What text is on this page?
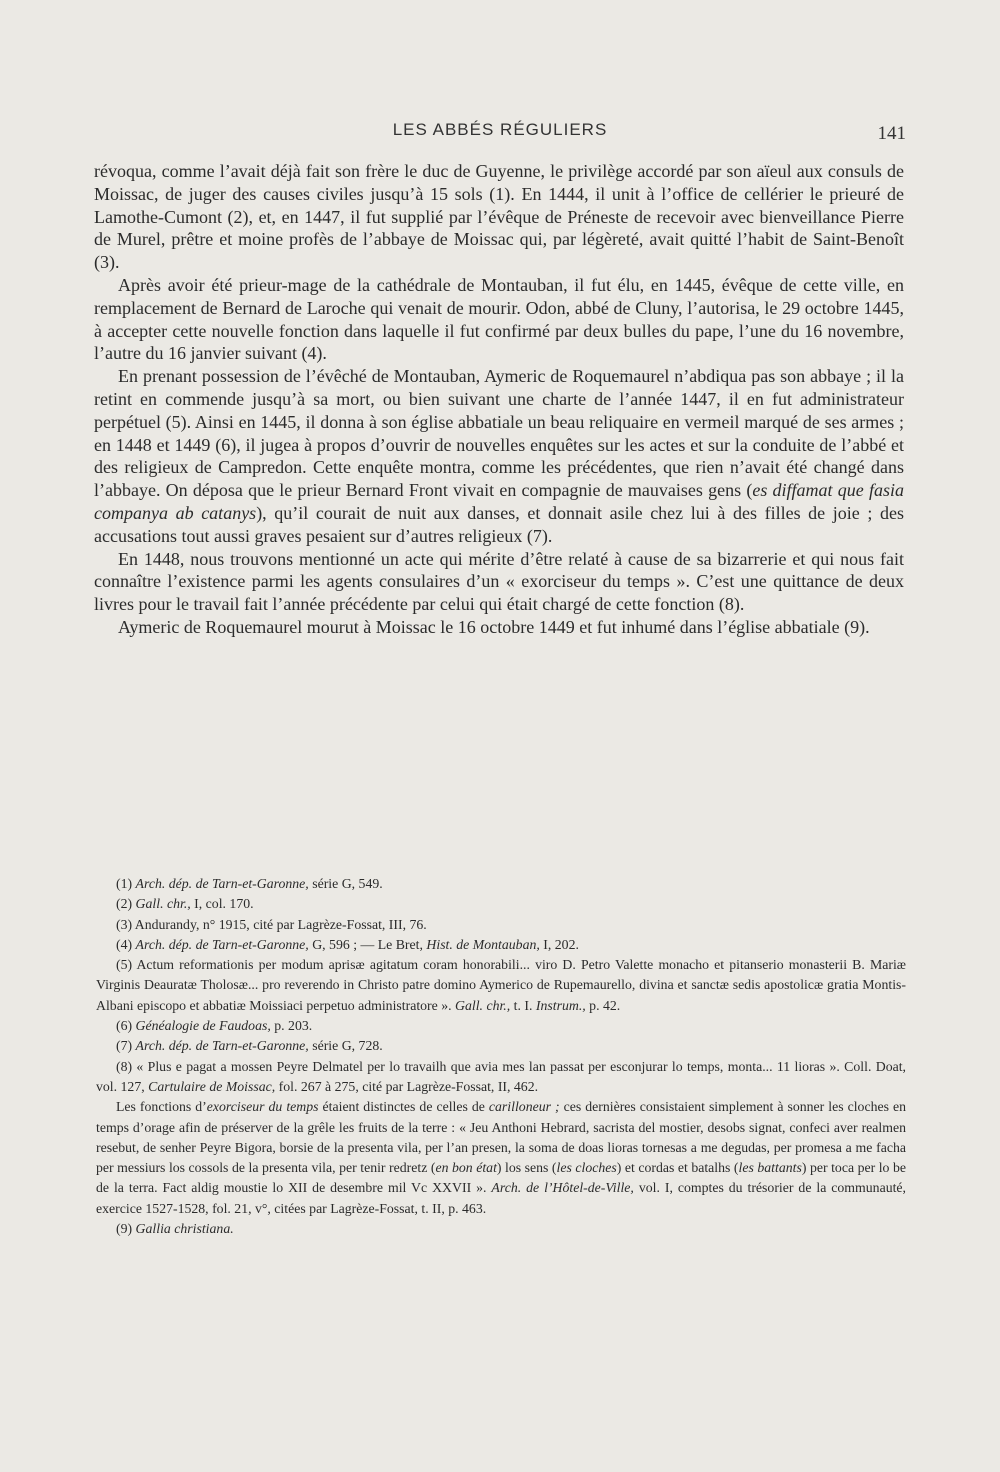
LES ABBÉS RÉGULIERS	141

révoqua, comme l’avait déjà fait son frère le duc de Guyenne, le privilège accordé par son aïeul aux consuls de Moissac, de juger des causes civiles jusqu’à 15 sols (1). En 1444, il unit à l’office de cellérier le prieuré de Lamothe-Cumont (2), et, en 1447, il fut supplié par l’évêque de Préneste de recevoir avec bienveillance Pierre de Murel, prêtre et moine profès de l’abbaye de Moissac qui, par légèreté, avait quitté l’habit de Saint-Benoît (3).

Après avoir été prieur-mage de la cathédrale de Montauban, il fut élu, en 1445, évêque de cette ville, en remplacement de Bernard de Laroche qui venait de mourir. Odon, abbé de Cluny, l’autorisa, le 29 octobre 1445, à accepter cette nouvelle fonction dans laquelle il fut confirmé par deux bulles du pape, l’une du 16 novembre, l’autre du 16 janvier suivant (4).

En prenant possession de l’évêché de Montauban, Aymeric de Roquemaurel n’abdiqua pas son abbaye ; il la retint en commende jusqu’à sa mort, ou bien suivant une charte de l’année 1447, il en fut administrateur perpétuel (5). Ainsi en 1445, il donna à son église abbatiale un beau reliquaire en vermeil marqué de ses armes ; en 1448 et 1449 (6), il jugea à propos d’ouvrir de nouvelles enquêtes sur les actes et sur la conduite de l’abbé et des religieux de Campredon. Cette enquête montra, comme les précédentes, que rien n’avait été changé dans l’abbaye. On déposa que le prieur Bernard Front vivait en compagnie de mauvaises gens (es diffamat que fasia companya ab catanys), qu’il courait de nuit aux danses, et donnait asile chez lui à des filles de joie ; des accusations tout aussi graves pesaient sur d’autres religieux (7).

En 1448, nous trouvons mentionné un acte qui mérite d’être relaté à cause de sa bizarrerie et qui nous fait connaître l’existence parmi les agents consulaires d’un « exorciseur du temps ». C’est une quittance de deux livres pour le travail fait l’année précédente par celui qui était chargé de cette fonction (8).

Aymeric de Roquemaurel mourut à Moissac le 16 octobre 1449 et fut inhumé dans l’église abbatiale (9).

(1) Arch. dép. de Tarn-et-Garonne, série G, 549.

(2) Gall. chr., I, col. 170.

(3) Andurandy, n° 1915, cité par Lagrèze-Fossat, III, 76.

(4) Arch. dép. de Tarn-et-Garonne, G, 596 ; — Le Bret, Hist. de Montauban, I, 202.

(5) Actum reformationis per modum aprisæ agitatum coram honorabili... viro D. Petro Valette monacho et pitanserio monasterii B. Mariæ Virginis Deauratæ Tholosæ... pro reverendo in Christo patre domino Aymerico de Rupemaurello, divina et sanctæ sedis apostolicæ gratia Montis-Albani episcopo et abbatiæ Moissiaci perpetuo administratore ». Gall. chr., t. I. Instrum., p. 42.

(6) Généalogie de Faudoas, p. 203.

(7) Arch. dép. de Tarn-et-Garonne, série G, 728.

(8) « Plus e pagat a mossen Peyre Delmatel per lo travailh que avia mes lan passat per esconjurar lo temps, monta... 11 lioras ». Coll. Doat, vol. 127, Cartulaire de Moissac, fol. 267 à 275, cité par Lagrèze-Fossat, II, 462.

Les fonctions d’exorciseur du temps étaient distinctes de celles de carilloneur ; ces dernières consistaient simplement à sonner les cloches en temps d’orage afin de préserver de la grêle les fruits de la terre : « Jeu Anthoni Hebrard, sacrista del mostier, desobs signat, confeci aver realmen resebut, de senher Peyre Bigora, borsie de la presenta vila, per l’an presen, la soma de doas lioras tornesas a me degudas, per promesa a me facha per messiurs los cossols de la presenta vila, per tenir redretz (en bon état) los sens (les cloches) et cordas et batalhs (les battants) per toca per lo be de la terra. Fact aldig moustie lo XII de desembre mil Vc XXVII ». Arch. de l’Hôtel-de-Ville, vol. I, comptes du trésorier de la communauté, exercice 1527-1528, fol. 21, v°, citées par Lagrèze-Fossat, t. II, p. 463.

(9) Gallia christiana.
